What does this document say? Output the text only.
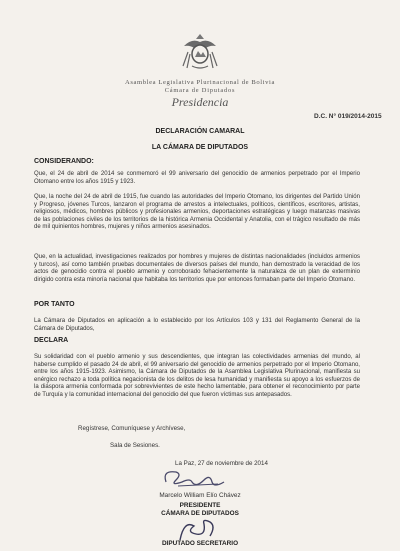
Asamblea Legislativa Plurinacional de Bolivia
Cámara de Diputados
Presidencia
D.C. N° 019/2014-2015
DECLARACIÓN CAMARAL
LA CÁMARA DE DIPUTADOS
CONSIDERANDO:

Que, el 24 de abril de 2014 se conmemoró el 99 aniversario del genocidio de armenios perpetrado por el Imperio Otomano entre los años 1915 y 1923.

Que, la noche del 24 de abril de 1915, fue cuando las autoridades del Imperio Otomano, los dirigentes del Partido Unión y Progreso, jóvenes Turcos, lanzaron el programa de arrestos a intelectuales, políticos, científicos, escritores, artistas, religiosos, médicos, hombres públicos y profesionales armenios, deportaciones estratégicas y luego matanzas masivas de las poblaciones civiles de los territorios de la histórica Armenia Occidental y Anatolia, con el trágico resultado de más de mil quinientos hombres, mujeres y niños armenios asesinados.

Que, en la actualidad, investigaciones realizados por hombres y mujeres de distintas nacionalidades (incluidos armenios y turcos), así como también pruebas documentales de diversos países del mundo, han demostrado la veracidad de los actos de genocidio contra el pueblo armenio y corroborado fehacientemente la naturaleza de un plan de exterminio dirigido contra esta minoría nacional que habitaba los territorios que por entonces formaban parte del Imperio Otomano.

POR TANTO

La Cámara de Diputados en aplicación a lo establecido por los Artículos 103 y 131 del Reglamento General de la Cámara de Diputados,

DECLARA

Su solidaridad con el pueblo armenio y sus descendientes, que integran las colectividades armenias del mundo, al haberse cumplido el pasado 24 de abril, el 99 aniversario del genocidio de armenios perpetrado por el Imperio Otomano, entre los años 1915-1923. Asimismo, la Cámara de Diputados de la Asamblea Legislativa Plurinacional, manifiesta su enérgico rechazo a toda política negacionista de los delitos de lesa humanidad y manifiesta su apoyo a los esfuerzos de la diáspora armenia conformada por sobrevivientes de este hecho lamentable, para obtener el reconocimiento por parte de Turquía y la comunidad internacional del genocidio del que fueron víctimas sus antepasados.

Regístrese, Comuníquese y Archívese,
Sala de Sesiones.
La Paz, 27 de noviembre de 2014
Marcelo William Elío Chávez
PRESIDENTE
CÁMARA DE DIPUTADOS
DIPUTADO SECRETARIO
